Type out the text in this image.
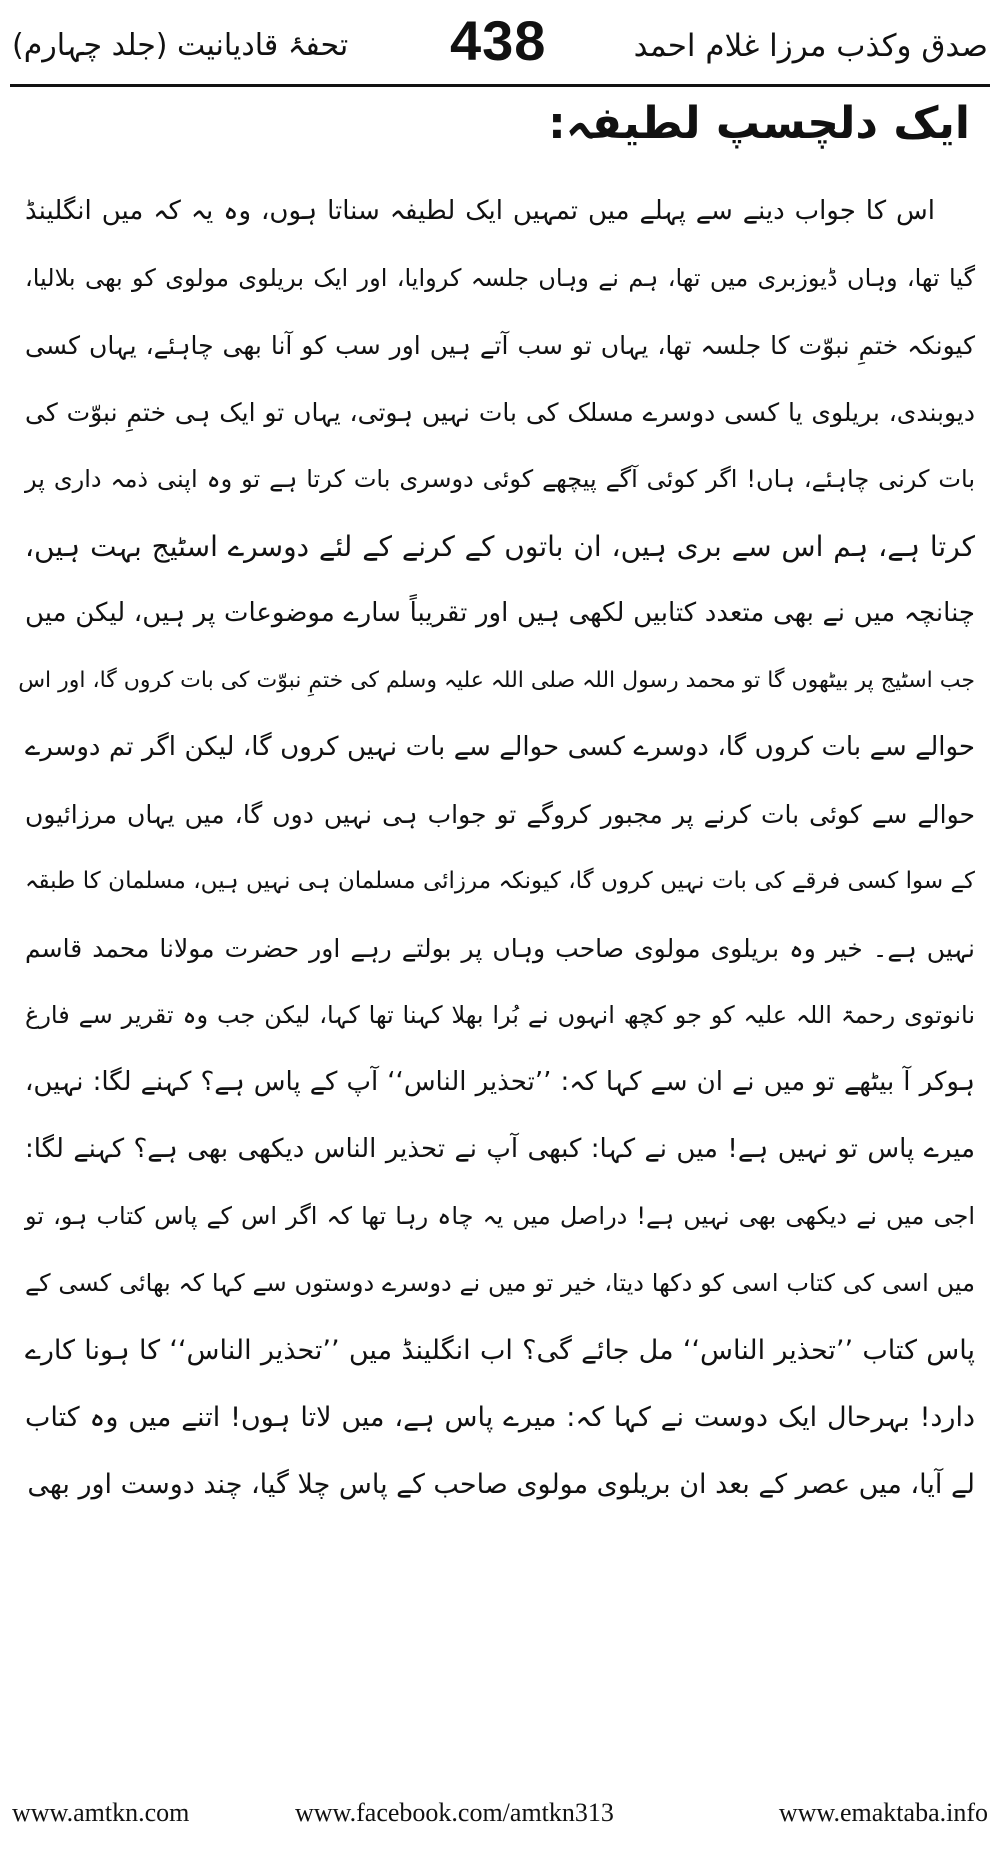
صدق وکذب مرزا غلام احمد
438
تحفۂ قادیانیت (جلد چہارم)
ایک دلچسپ لطیفہ:
اس کا جواب دینے سے پہلے میں تمہیں ایک لطیفہ سناتا ہوں، وہ یہ کہ میں انگلینڈ
گیا تھا، وہاں ڈیوزبری میں تھا، ہم نے وہاں جلسہ کروایا، اور ایک بریلوی مولوی کو بھی بلالیا،
کیونکہ ختمِ نبوّت کا جلسہ تھا، یہاں تو سب آتے ہیں اور سب کو آنا بھی چاہئے، یہاں کسی
دیوبندی، بریلوی یا کسی دوسرے مسلک کی بات نہیں ہوتی، یہاں تو ایک ہی ختمِ نبوّت کی
بات کرنی چاہئے، ہاں! اگر کوئی آگے پیچھے کوئی دوسری بات کرتا ہے تو وہ اپنی ذمہ داری پر
کرتا ہے، ہم اس سے بری ہیں، ان باتوں کے کرنے کے لئے دوسرے اسٹیج بہت ہیں،
چنانچہ میں نے بھی متعدد کتابیں لکھی ہیں اور تقریباً سارے موضوعات پر ہیں، لیکن میں
جب اسٹیج پر بیٹھوں گا تو محمد رسول اللہ صلی اللہ علیہ وسلم کی ختمِ نبوّت کی بات کروں گا، اور اس
حوالے سے بات کروں گا، دوسرے کسی حوالے سے بات نہیں کروں گا، لیکن اگر تم دوسرے
حوالے سے کوئی بات کرنے پر مجبور کروگے تو جواب ہی نہیں دوں گا، میں یہاں مرزائیوں
کے سوا کسی فرقے کی بات نہیں کروں گا، کیونکہ مرزائی مسلمان ہی نہیں ہیں، مسلمان کا طبقہ
نہیں ہے۔ خیر وہ بریلوی مولوی صاحب وہاں پر بولتے رہے اور حضرت مولانا محمد قاسم
نانوتوی رحمۃ اللہ علیہ کو جو کچھ انہوں نے بُرا بھلا کہنا تھا کہا، لیکن جب وہ تقریر سے فارغ
ہوکر آ بیٹھے تو میں نے ان سے کہا کہ: ’’تحذیر الناس‘‘ آپ کے پاس ہے؟ کہنے لگا: نہیں،
میرے پاس تو نہیں ہے! میں نے کہا: کبھی آپ نے تحذیر الناس دیکھی بھی ہے؟ کہنے لگا:
اجی میں نے دیکھی بھی نہیں ہے! دراصل میں یہ چاہ رہا تھا کہ اگر اس کے پاس کتاب ہو، تو
میں اسی کی کتاب اسی کو دکھا دیتا، خیر تو میں نے دوسرے دوستوں سے کہا کہ بھائی کسی کے
پاس کتاب ’’تحذیر الناس‘‘ مل جائے گی؟ اب انگلینڈ میں ’’تحذیر الناس‘‘ کا ہونا کارے
دارد! بہرحال ایک دوست نے کہا کہ: میرے پاس ہے، میں لاتا ہوں! اتنے میں وہ کتاب
لے آیا، میں عصر کے بعد ان بریلوی مولوی صاحب کے پاس چلا گیا، چند دوست اور بھی
www.amtkn.com	www.facebook.com/amtkn313	www.emaktaba.info
